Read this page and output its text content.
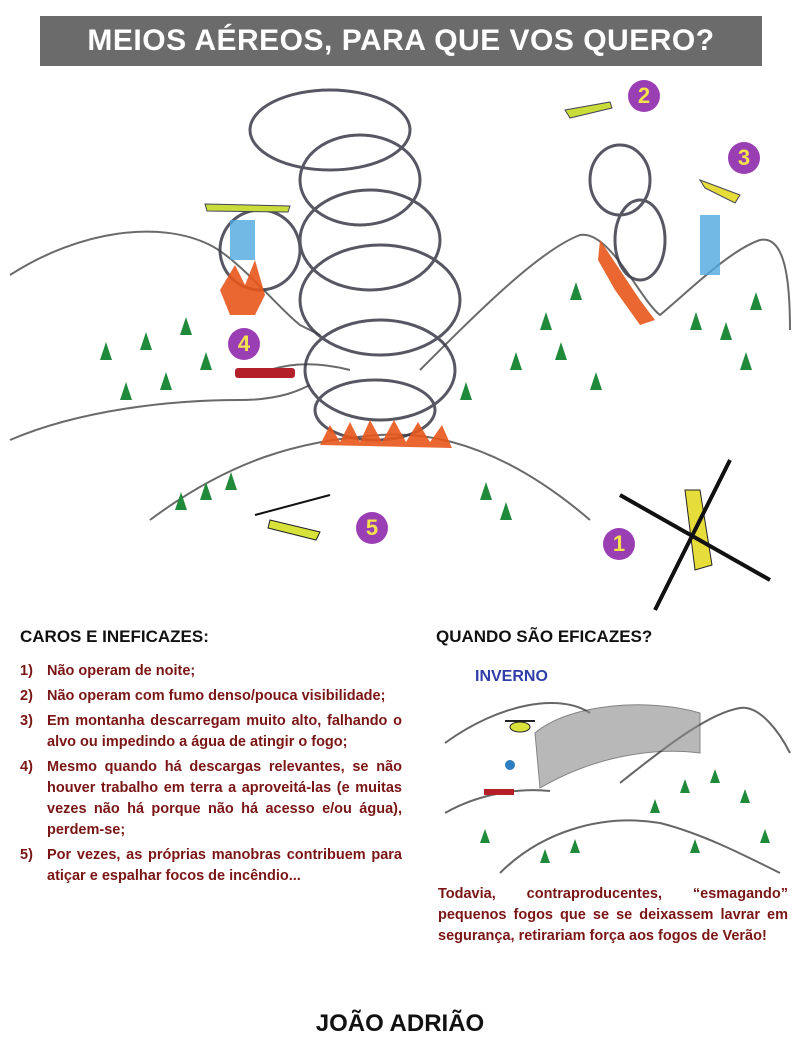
MEIOS AÉREOS, PARA QUE VOS QUERO?
2
3
4
5
1
CAROS E INEFICAZES:
1) Não operam de noite;
2) Não operam com fumo denso/pouca visibilidade;
3) Em montanha descarregam muito alto, falhando o alvo ou impedindo a água de atingir o fogo;
4) Mesmo quando há descargas relevantes, se não houver trabalho em terra a aproveitá-las (e muitas vezes não há porque não há acesso e/ou água), perdem-se;
5) Por vezes, as próprias manobras contribuem para atiçar e espalhar focos de incêndio...
QUANDO SÃO EFICAZES?
INVERNO
Todavia, contraproducentes, “esmagando” pequenos fogos que se se deixassem lavrar em segurança, retirariam força aos fogos de Verão!
JOÃO ADRIÃO
